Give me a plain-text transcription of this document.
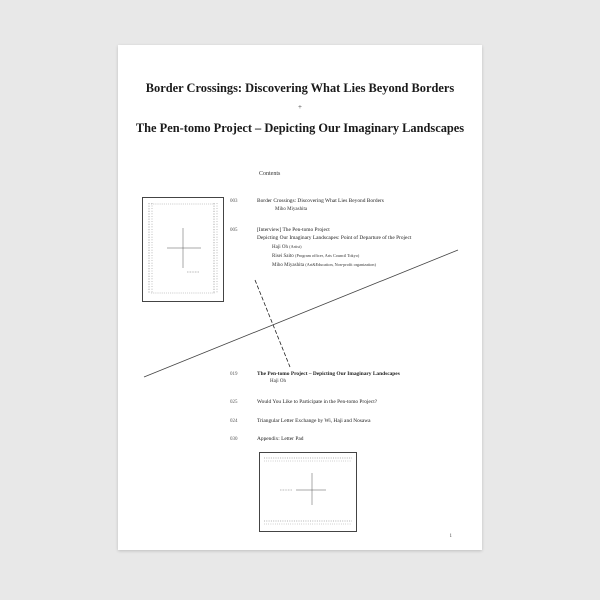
Border Crossings: Discovering What Lies Beyond Borders
+
The Pen-tomo Project – Depicting Our Imaginary Landscapes
Contents
003	Border Crossings: Discovering What Lies Beyond Borders
Miho Miyashita
005	[Interview] The Pen-tomo Project
Depicting Our Imaginary Landscapes: Point of Departure of the Project
Haji Oh (Artist)
Risei Saito (Program officer, Arts Council Tokyo)
Miho Miyashita (Art&Education, Non-profit organization)
019	The Pen-tomo Project – Depicting Our Imaginary Landscapes
Haji Oh
025	Would You Like to Participate in the Pen-tomo Project?
024	Triangular Letter Exchange by Wi, Haji and Nosawa
030	Appendix: Letter Pad
1
